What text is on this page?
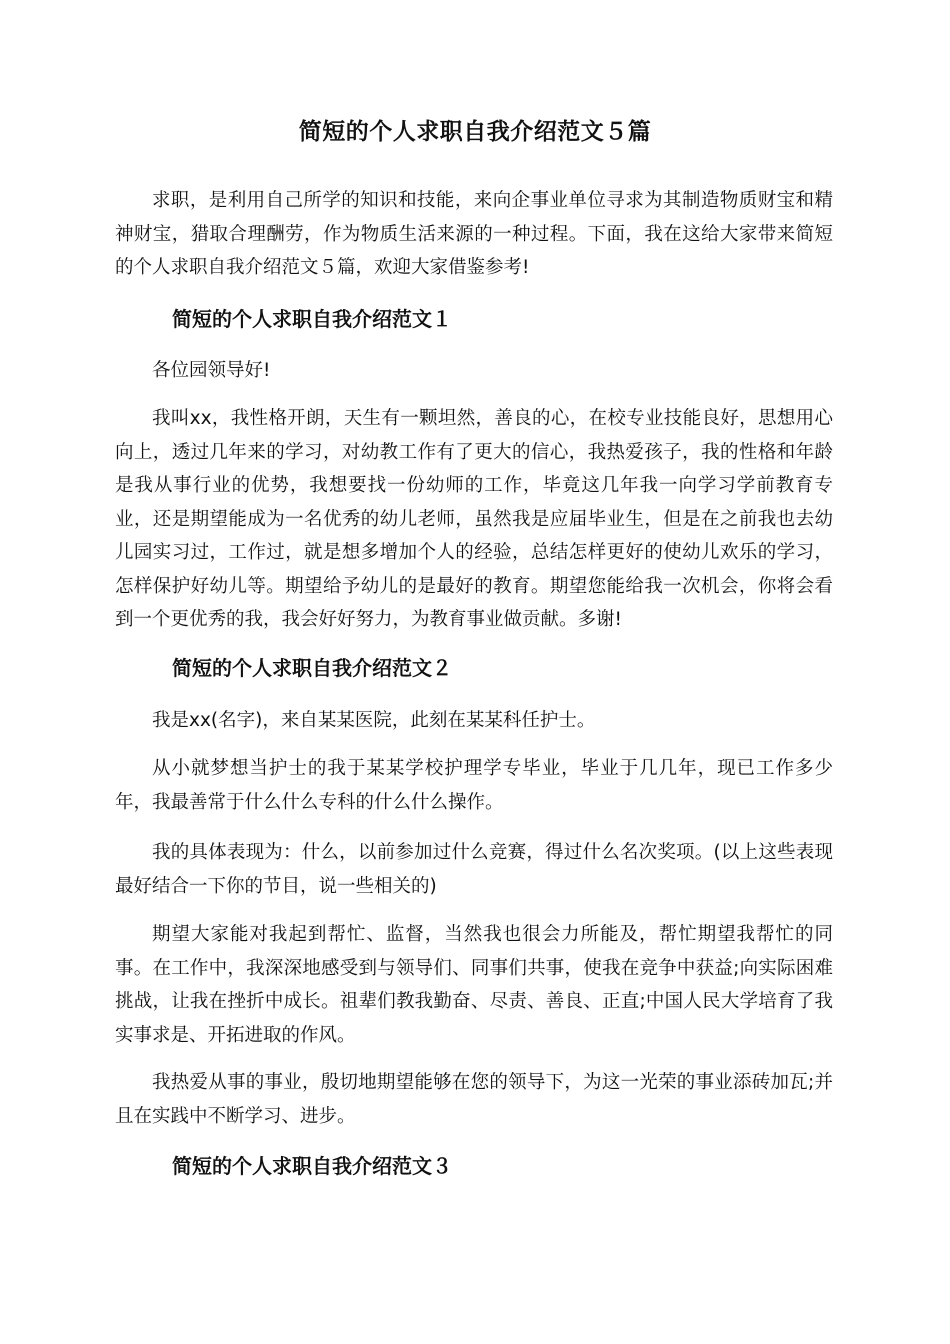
简短的个人求职自我介绍范文５篇

求职，是利用自己所学的知识和技能，来向企事业单位寻求为其制造物质财宝和精神财宝，猎取合理酬劳，作为物质生活来源的一种过程。下面，我在这给大家带来简短的个人求职自我介绍范文５篇，欢迎大家借鉴参考!

简短的个人求职自我介绍范文１

各位园领导好!

我叫xx，我性格开朗，天生有一颗坦然，善良的心，在校专业技能良好，思想用心向上，透过几年来的学习，对幼教工作有了更大的信心，我热爱孩子，我的性格和年龄是我从事行业的优势，我想要找一份幼师的工作，毕竟这几年我一向学习学前教育专业，还是期望能成为一名优秀的幼儿老师，虽然我是应届毕业生，但是在之前我也去幼儿园实习过，工作过，就是想多增加个人的经验，总结怎样更好的使幼儿欢乐的学习，怎样保护好幼儿等。期望给予幼儿的是最好的教育。期望您能给我一次机会，你将会看到一个更优秀的我，我会好好努力，为教育事业做贡献。多谢!

简短的个人求职自我介绍范文２

我是xx(名字)，来自某某医院，此刻在某某科任护士。

从小就梦想当护士的我于某某学校护理学专毕业，毕业于几几年，现已工作多少年，我最善常于什么什么专科的什么什么操作。

我的具体表现为：什么，以前参加过什么竞赛，得过什么名次奖项。(以上这些表现最好结合一下你的节目，说一些相关的)

期望大家能对我起到帮忙、监督，当然我也很会力所能及，帮忙期望我帮忙的同事。在工作中，我深深地感受到与领导们、同事们共事，使我在竞争中获益;向实际困难挑战，让我在挫折中成长。祖辈们教我勤奋、尽责、善良、正直;中国人民大学培育了我实事求是、开拓进取的作风。

我热爱从事的事业，殷切地期望能够在您的领导下，为这一光荣的事业添砖加瓦;并且在实践中不断学习、进步。

简短的个人求职自我介绍范文３
